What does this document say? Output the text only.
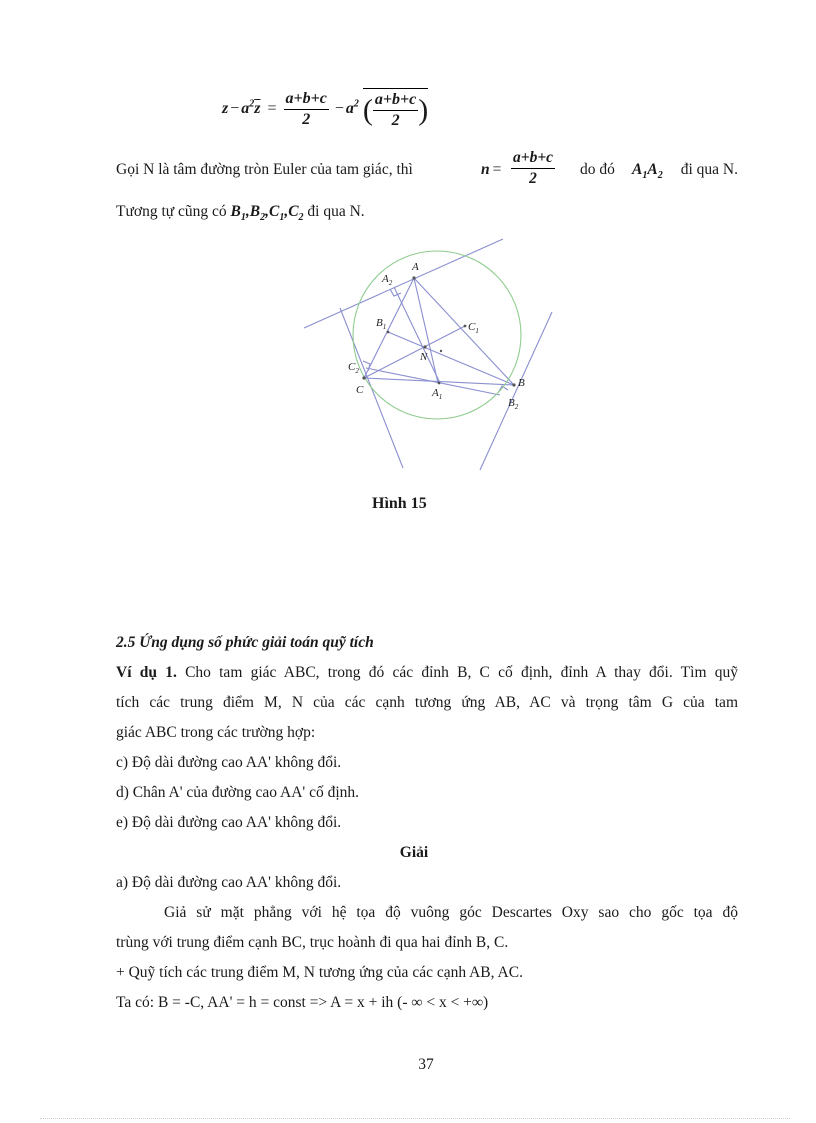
$z - a^2\overline{z} = \frac{a+b+c}{2} - a^2$ ( $\frac{a+b+c}{2}$ )
Gọi N là tâm đường tròn Euler của tam giác, thì	$n = \frac{a+b+c}{2}$ do đó $A_1A_2$ đi qua N.
Tương tự cũng có $B_1,B_2,C_1,C_2$ đi qua N.
$A_2$
A
$B_1$	$C_1$
N
$C_2$
C	$A_1$
B
$B_2$
Hình 15
2.5 Ứng dụng số phức giải toán quỹ tích
Ví dụ 1. Cho tam giác ABC, trong đó các đỉnh B, C cố định, đỉnh A thay đổi. Tìm quỹ
tích các trung điểm M, N của các cạnh tương ứng AB, AC và trọng tâm G của tam
giác ABC trong các trường hợp:
c) Độ dài đường cao AA' không đổi.
d) Chân A' của đường cao AA' cố định.
e) Độ dài đường cao AA' không đổi.
Giải
a) Độ dài đường cao AA' không đổi.
Giả sử mặt phẳng với hệ tọa độ vuông góc Descartes Oxy sao cho gốc tọa độ
trùng với trung điểm cạnh BC, trục hoành đi qua hai đỉnh B, C.
+ Quỹ tích các trung điểm M, N tương ứng của các cạnh AB, AC.
Ta có: B = -C, AA' = h = const => A = x + ih (- ∞ < x < +∞)
37
